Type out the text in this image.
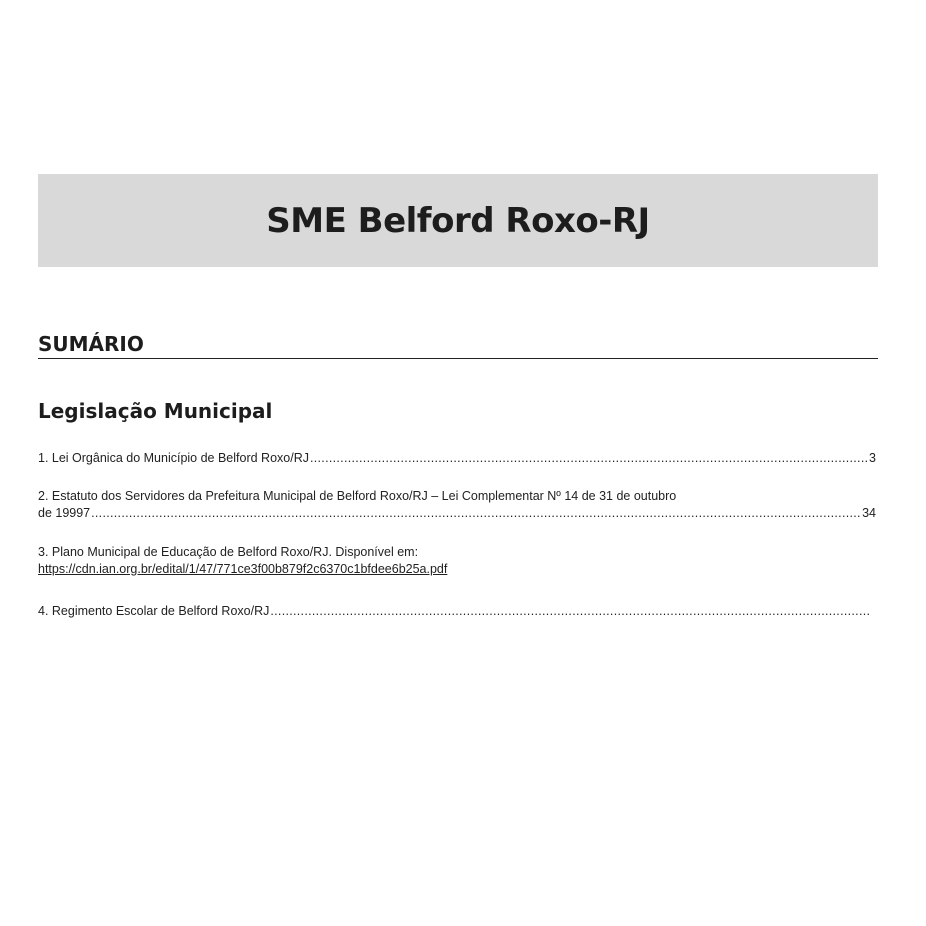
SME Belford Roxo-RJ
SUMÁRIO
Legislação Municipal
1. Lei Orgânica do Município de Belford Roxo/RJ .....	3
2. Estatuto dos Servidores da Prefeitura Municipal de Belford Roxo/RJ – Lei Complementar Nº 14 de 31 de outubro
de 19997 .....	34
3. Plano Municipal de Educação de Belford Roxo/RJ. Disponível em:
https://cdn.ian.org.br/edital/1/47/771ce3f00b879f2c6370c1bfdee6b25a.pdf
4. Regimento Escolar de Belford Roxo/RJ
.....
